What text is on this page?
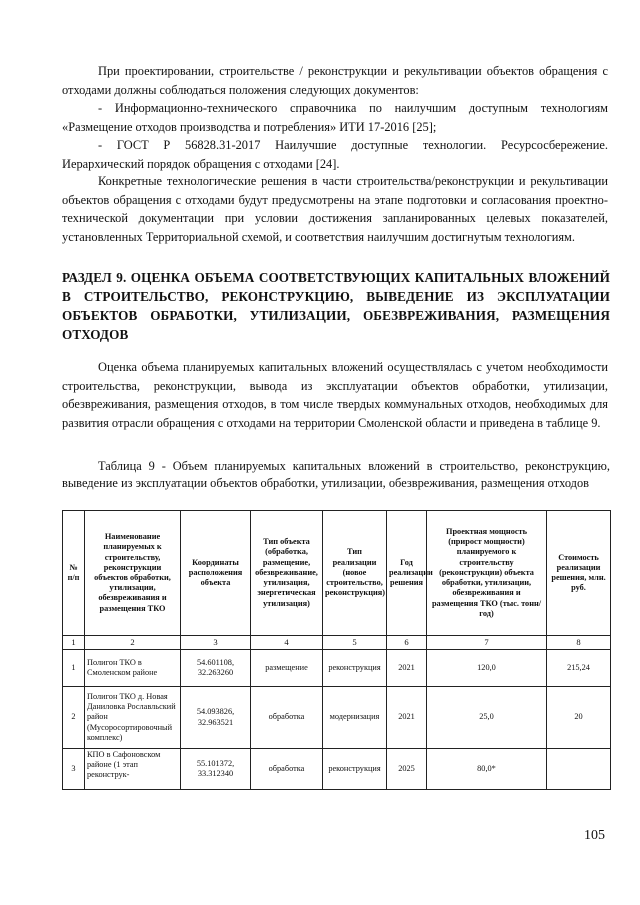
При проектировании, строительстве / реконструкции и рекультивации объектов обращения с отходами должны соблюдаться положения следующих документов:

- Информационно-технического справочника по наилучшим доступным технологиям «Размещение отходов производства и потребления» ИТИ 17-2016 [25];

- ГОСТ Р 56828.31-2017 Наилучшие доступные технологии. Ресурсосбережение. Иерархический порядок обращения с отходами [24].

Конкретные технологические решения в части строительства/реконструкции и рекультивации объектов обращения с отходами будут предусмотрены на этапе подготовки и согласования проектно-технической документации при условии достижения запланированных целевых показателей, установленных Территориальной схемой, и соответствия наилучшим достигнутым технологиям.

РАЗДЕЛ 9. ОЦЕНКА ОБЪЕМА СООТВЕТСТВУЮЩИХ КАПИТАЛЬНЫХ ВЛОЖЕНИЙ В СТРОИТЕЛЬСТВО, РЕКОНСТРУКЦИЮ, ВЫВЕДЕНИЕ ИЗ ЭКСПЛУАТАЦИИ ОБЪЕКТОВ ОБРАБОТКИ, УТИЛИЗАЦИИ, ОБЕЗВРЕЖИВАНИЯ, РАЗМЕЩЕНИЯ ОТХОДОВ

Оценка объема планируемых капитальных вложений осуществлялась с учетом необходимости строительства, реконструкции, вывода из эксплуатации объектов обработки, утилизации, обезвреживания, размещения отходов, в том числе твердых коммунальных отходов, необходимых для развития отрасли обращения с отходами на территории Смоленской области и приведена в таблице 9.

Таблица 9 - Объем планируемых капитальных вложений в строительство, реконструкцию, выведение из эксплуатации объектов обработки, утилизации, обезвреживания, размещения отходов

№ п/п	Наименование планируемых к строительству, реконструкции объектов обработки, утилизации, обезвреживания и размещения ТКО	Координаты расположения объекта	Тип объекта (обработка, размещение, обезвреживание, утилизация, энергетическая утилизация)	Тип реализации (новое строительство, реконструкция)	Год реализации решения	Проектная мощность (прирост мощности) планируемого к строительству (реконструкции) объекта обработки, утилизации, обезвреживания и размещения ТКО (тыс. тонн/год)	Стоимость реализации решения, млн. руб.
1	2	3	4	5	6	7	8
1	Полигон ТКО в Смоленском районе	54.601108, 32.263260	размещение	реконструкция	2021	120,0	215,24
2	Полигон ТКО д. Новая Даниловка Рославльский район (Мусоросортировочный комплекс)	54.093826, 32.963521	обработка	модернизация	2021	25,0	20
3	КПО в Сафоновском районе (1 этап реконструк-	55.101372, 33.312340	обработка	реконструкция	2025	80,0*	
105
